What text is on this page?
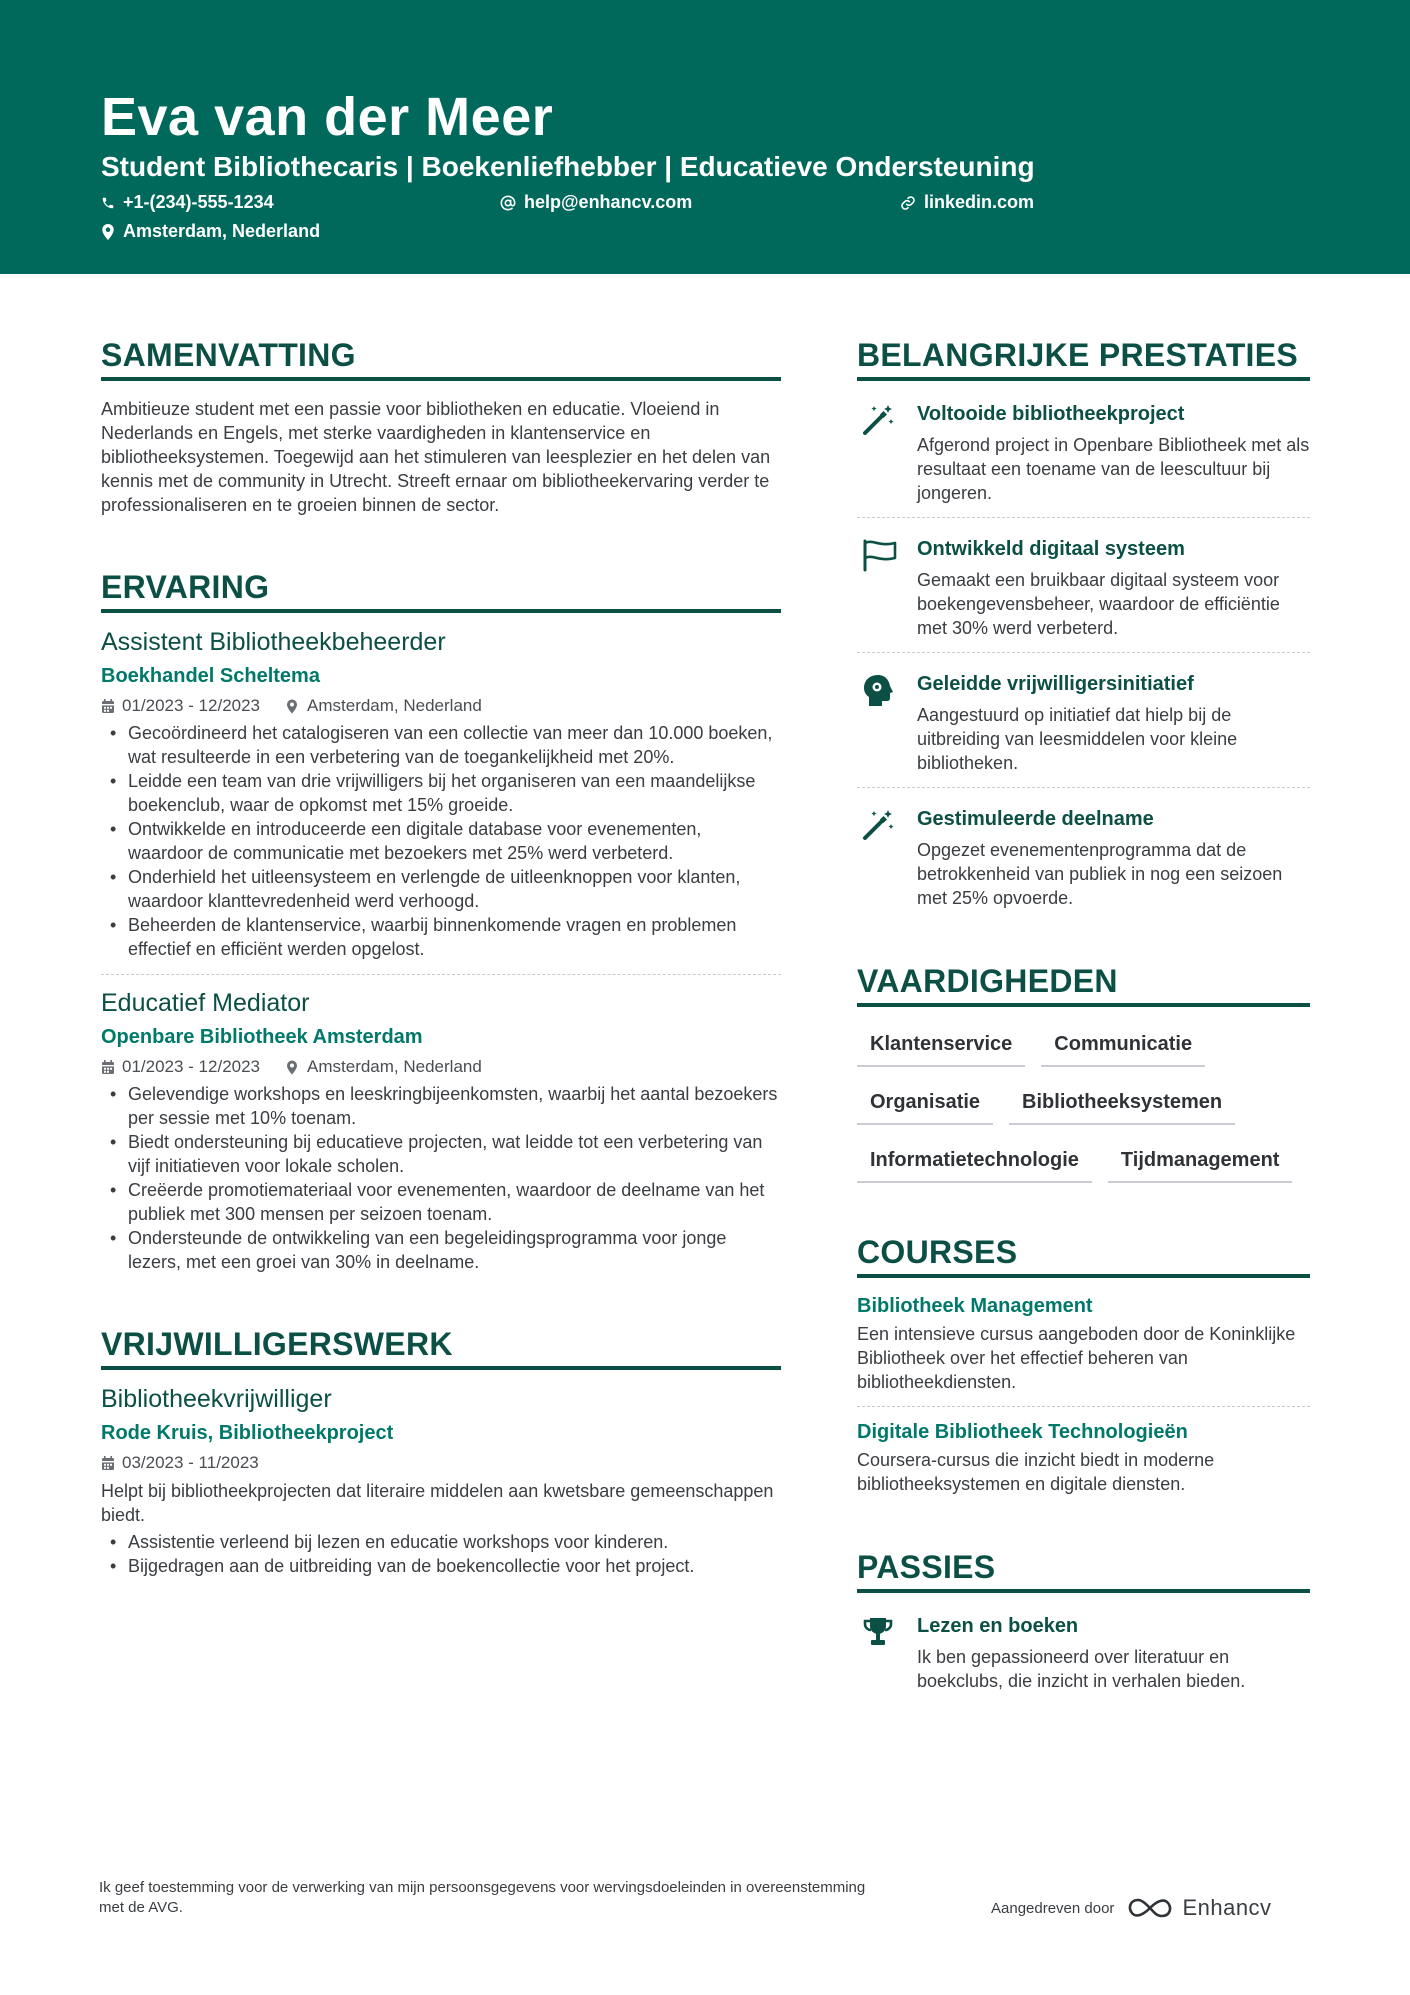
Eva van der Meer
Student Bibliothecaris | Boekenliefhebber | Educatieve Ondersteuning
+1-(234)-555-1234	help@enhancv.com	linkedin.com
Amsterdam, Nederland
SAMENVATTING
Ambitieuze student met een passie voor bibliotheken en educatie. Vloeiend in Nederlands en Engels, met sterke vaardigheden in klantenservice en bibliotheeksystemen. Toegewijd aan het stimuleren van leesplezier en het delen van kennis met de community in Utrecht. Streeft ernaar om bibliotheekervaring verder te professionaliseren en te groeien binnen de sector.
ERVARING
Assistent Bibliotheekbeheerder
Boekhandel Scheltema
01/2023 - 12/2023	Amsterdam, Nederland
• Gecoördineerd het catalogiseren van een collectie van meer dan 10.000 boeken, wat resulteerde in een verbetering van de toegankelijkheid met 20%.
• Leidde een team van drie vrijwilligers bij het organiseren van een maandelijkse boekenclub, waar de opkomst met 15% groeide.
• Ontwikkelde en introduceerde een digitale database voor evenementen, waardoor de communicatie met bezoekers met 25% werd verbeterd.
• Onderhield het uitleensysteem en verlengde de uitleenknoppen voor klanten, waardoor klanttevredenheid werd verhoogd.
• Beheerden de klantenservice, waarbij binnenkomende vragen en problemen effectief en efficiënt werden opgelost.
Educatief Mediator
Openbare Bibliotheek Amsterdam
01/2023 - 12/2023	Amsterdam, Nederland
• Gelevendige workshops en leeskringbijeenkomsten, waarbij het aantal bezoekers per sessie met 10% toenam.
• Biedt ondersteuning bij educatieve projecten, wat leidde tot een verbetering van vijf initiatieven voor lokale scholen.
• Creëerde promotiemateriaal voor evenementen, waardoor de deelname van het publiek met 300 mensen per seizoen toenam.
• Ondersteunde de ontwikkeling van een begeleidingsprogramma voor jonge lezers, met een groei van 30% in deelname.
VRIJWILLIGERSWERK
Bibliotheekvrijwilliger
Rode Kruis, Bibliotheekproject
03/2023 - 11/2023
Helpt bij bibliotheekprojecten dat literaire middelen aan kwetsbare gemeenschappen biedt.
• Assistentie verleend bij lezen en educatie workshops voor kinderen.
• Bijgedragen aan de uitbreiding van de boekencollectie voor het project.
BELANGRIJKE PRESTATIES
Voltooide bibliotheekproject
Afgerond project in Openbare Bibliotheek met als resultaat een toename van de leescultuur bij jongeren.
Ontwikkeld digitaal systeem
Gemaakt een bruikbaar digitaal systeem voor boekengevensbeheer, waardoor de efficiëntie met 30% werd verbeterd.
Geleidde vrijwilligersinitiatief
Aangestuurd op initiatief dat hielp bij de uitbreiding van leesmiddelen voor kleine bibliotheken.
Gestimuleerde deelname
Opgezet evenementenprogramma dat de betrokkenheid van publiek in nog een seizoen met 25% opvoerde.
VAARDIGHEDEN
Klantenservice	Communicatie
Organisatie	Bibliotheeksystemen
Informatietechnologie	Tijdmanagement
COURSES
Bibliotheek Management
Een intensieve cursus aangeboden door de Koninklijke Bibliotheek over het effectief beheren van bibliotheekdiensten.
Digitale Bibliotheek Technologieën
Coursera-cursus die inzicht biedt in moderne bibliotheeksystemen en digitale diensten.
PASSIES
Lezen en boeken
Ik ben gepassioneerd over literatuur en boekclubs, die inzicht in verhalen bieden.
Ik geef toestemming voor de verwerking van mijn persoonsgegevens voor wervingsdoeleinden in overeenstemming met de AVG.	Aangedreven door	Enhancv
